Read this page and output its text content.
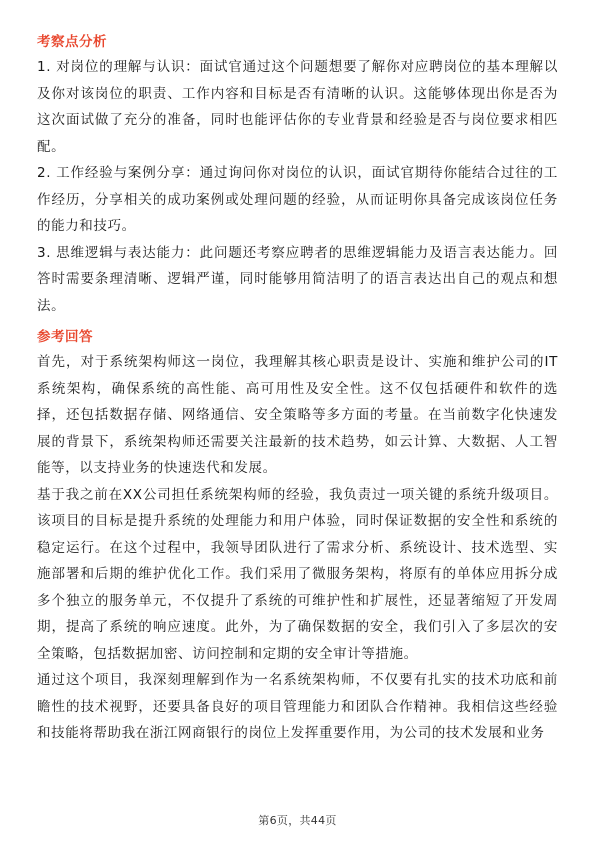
考察点分析

1. 对岗位的理解与认识：面试官通过这个问题想要了解你对应聘岗位的基本理解以及你对该岗位的职责、工作内容和目标是否有清晰的认识。这能够体现出你是否为这次面试做了充分的准备，同时也能评估你的专业背景和经验是否与岗位要求相匹配。

2. 工作经验与案例分享：通过询问你对岗位的认识，面试官期待你能结合过往的工作经历，分享相关的成功案例或处理问题的经验，从而证明你具备完成该岗位任务的能力和技巧。

3. 思维逻辑与表达能力：此问题还考察应聘者的思维逻辑能力及语言表达能力。回答时需要条理清晰、逻辑严谨，同时能够用简洁明了的语言表达出自己的观点和想法。

参考回答

首先，对于系统架构师这一岗位，我理解其核心职责是设计、实施和维护公司的IT系统架构，确保系统的高性能、高可用性及安全性。这不仅包括硬件和软件的选择，还包括数据存储、网络通信、安全策略等多方面的考量。在当前数字化快速发展的背景下，系统架构师还需要关注最新的技术趋势，如云计算、大数据、人工智能等，以支持业务的快速迭代和发展。

基于我之前在XX公司担任系统架构师的经验，我负责过一项关键的系统升级项目。该项目的目标是提升系统的处理能力和用户体验，同时保证数据的安全性和系统的稳定运行。在这个过程中，我领导团队进行了需求分析、系统设计、技术选型、实施部署和后期的维护优化工作。我们采用了微服务架构，将原有的单体应用拆分成多个独立的服务单元，不仅提升了系统的可维护性和扩展性，还显著缩短了开发周期，提高了系统的响应速度。此外，为了确保数据的安全，我们引入了多层次的安全策略，包括数据加密、访问控制和定期的安全审计等措施。

通过这个项目，我深刻理解到作为一名系统架构师，不仅要有扎实的技术功底和前瞻性的技术视野，还要具备良好的项目管理能力和团队合作精神。我相信这些经验和技能将帮助我在浙江网商银行的岗位上发挥重要作用，为公司的技术发展和业务

第6页，共44页
